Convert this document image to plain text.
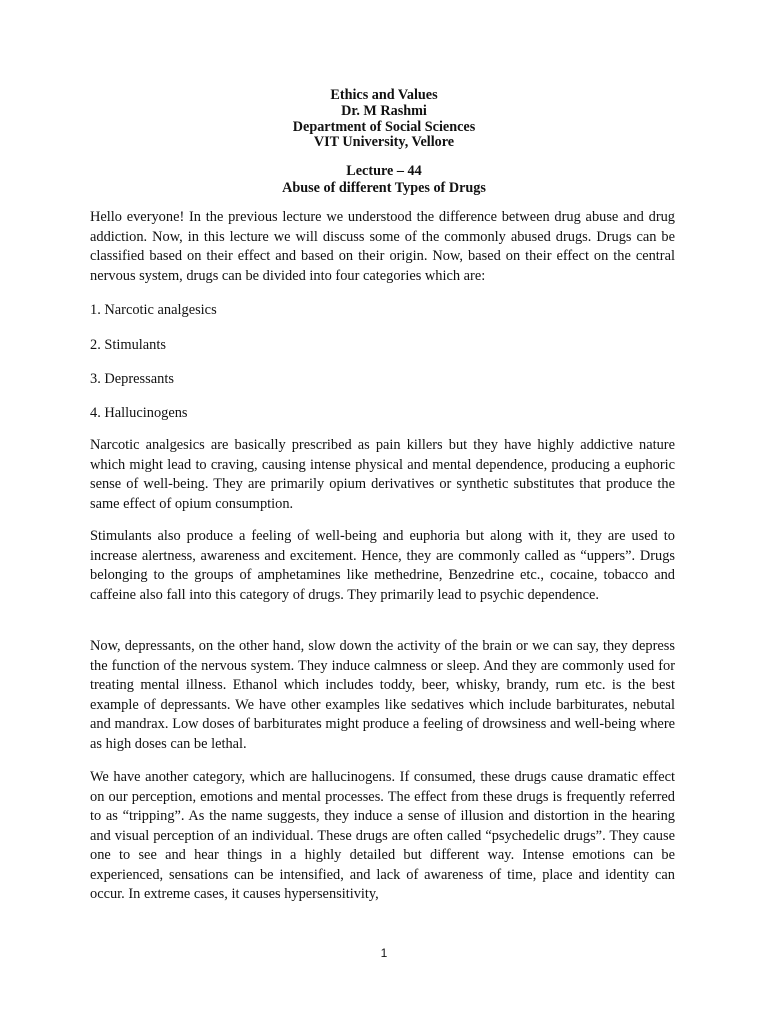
Ethics and Values
Dr. M Rashmi
Department of Social Sciences
VIT University, Vellore
Lecture – 44
Abuse of different Types of Drugs

Hello everyone! In the previous lecture we understood the difference between drug abuse and drug addiction. Now, in this lecture we will discuss some of the commonly abused drugs. Drugs can be classified based on their effect and based on their origin. Now, based on their effect on the central nervous system, drugs can be divided into four categories which are:

1. Narcotic analgesics

2. Stimulants

3. Depressants

4. Hallucinogens

Narcotic analgesics are basically prescribed as pain killers but they have highly addictive nature which might lead to craving, causing intense physical and mental dependence, producing a euphoric sense of well-being. They are primarily opium derivatives or synthetic substitutes that produce the same effect of opium consumption.

Stimulants also produce a feeling of well-being and euphoria but along with it, they are used to increase alertness, awareness and excitement. Hence, they are commonly called as “uppers”. Drugs belonging to the groups of amphetamines like methedrine, Benzedrine etc., cocaine, tobacco and caffeine also fall into this category of drugs. They primarily lead to psychic dependence.

Now, depressants, on the other hand, slow down the activity of the brain or we can say, they depress the function of the nervous system. They induce calmness or sleep. And they are commonly used for treating mental illness. Ethanol which includes toddy, beer, whisky, brandy, rum etc. is the best example of depressants. We have other examples like sedatives which include barbiturates, nebutal and mandrax. Low doses of barbiturates might produce a feeling of drowsiness and well-being where as high doses can be lethal.

We have another category, which are hallucinogens. If consumed, these drugs cause dramatic effect on our perception, emotions and mental processes. The effect from these drugs is frequently referred to as “tripping”. As the name suggests, they induce a sense of illusion and distortion in the hearing and visual perception of an individual. These drugs are often called “psychedelic drugs”. They cause one to see and hear things in a highly detailed but different way. Intense emotions can be experienced, sensations can be intensified, and lack of awareness of time, place and identity can occur. In extreme cases, it causes hypersensitivity,

1
